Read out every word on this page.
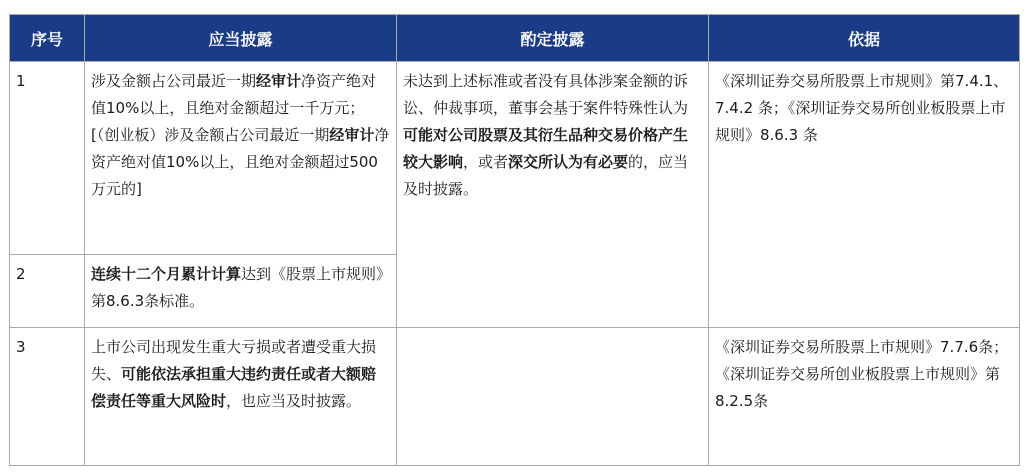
序号	应当披露	酌定披露	依据
1	涉及金额占公司最近一期经审计净资产绝对值10%以上，且绝对金额超过一千万元；
[（创业板）涉及金额占公司最近一期经审计净资产绝对值10%以上，且绝对金额超过500万元的]	未达到上述标准或者没有具体涉案金额的诉讼、仲裁事项，董事会基于案件特殊性认为可能对公司股票及其衍生品种交易价格产生较大影响，或者深交所认为有必要的，应当及时披露。	《深圳证券交易所股票上市规则》第7.4.1、7.4.2 条；《深圳证券交易所创业板股票上市规则》8.6.3 条
2	连续十二个月累计计算达到《股票上市规则》第8.6.3条标准。		
3	上市公司出现发生重大亏损或者遭受重大损失、可能依法承担重大违约责任或者大额赔偿责任等重大风险时，也应当及时披露。		《深圳证券交易所股票上市规则》7.7.6条；《深圳证券交易所创业板股票上市规则》第8.2.5条
